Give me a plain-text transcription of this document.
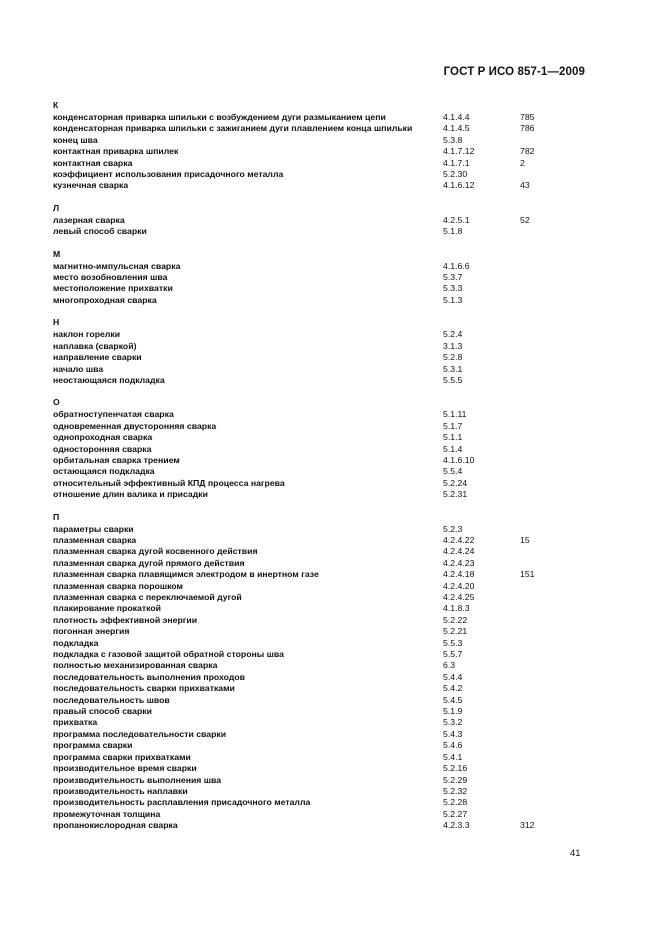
ГОСТ Р ИСО 857-1—2009
К
конденсаторная приварка шпильки с возбуждением дуги размыканием цепи	4.1.4.4	785
конденсаторная приварка шпильки с зажиганием дуги плавлением конца шпильки	4.1.4.5	786
конец шва	5.3.8
контактная приварка шпилек	4.1.7.12	782
контактная сварка	4.1.7.1	2
коэффициент использования присадочного металла	5.2.30
кузнечная сварка	4.1.6.12	43
Л
лазерная сварка	4.2.5.1	52
левый способ сварки	5.1.8
М
магнитно-импульсная сварка	4.1.6.6
место возобновления шва	5.3.7
местоположение прихватки	5.3.3
многопроходная сварка	5.1.3
Н
наклон горелки	5.2.4
наплавка (сваркой)	3.1.3
направление сварки	5.2.8
начало шва	5.3.1
неостающаяся подкладка	5.5.5
О
обратноступенчатая сварка	5.1.11
одновременная двусторонняя сварка	5.1.7
однопроходная сварка	5.1.1
односторонняя сварка	5.1.4
орбитальная сварка трением	4.1.6.10
остающаяся подкладка	5.5.4
относительный эффективный КПД процесса нагрева	5.2.24
отношение длин валика и присадки	5.2.31
П
параметры сварки	5.2.3
плазменная сварка	4.2.4.22	15
плазменная сварка дугой косвенного действия	4.2.4.24
плазменная сварка дугой прямого действия	4.2.4.23
плазменная сварка плавящимся электродом в инертном газе	4.2.4.18	151
плазменная сварка порошком	4.2.4.20
плазменная сварка с переключаемой дугой	4.2.4.25
плакирование прокаткой	4.1.8.3
плотность эффективной энергии	5.2.22
погонная энергия	5.2.21
подкладка	5.5.3
подкладка с газовой защитой обратной стороны шва	5.5.7
полностью механизированная сварка	6.3
последовательность выполнения проходов	5.4.4
последовательность сварки прихватками	5.4.2
последовательность швов	5.4.5
правый способ сварки	5.1.9
прихватка	5.3.2
программа последовательности сварки	5.4.3
программа сварки	5.4.6
программа сварки прихватками	5.4.1
производительное время сварки	5.2.16
производительность выполнения шва	5.2.29
производительность наплавки	5.2.32
производительность расплавления присадочного металла	5.2.28
промежуточная толщина	5.2.27
пропанокислородная сварка	4.2.3.3	312
41
